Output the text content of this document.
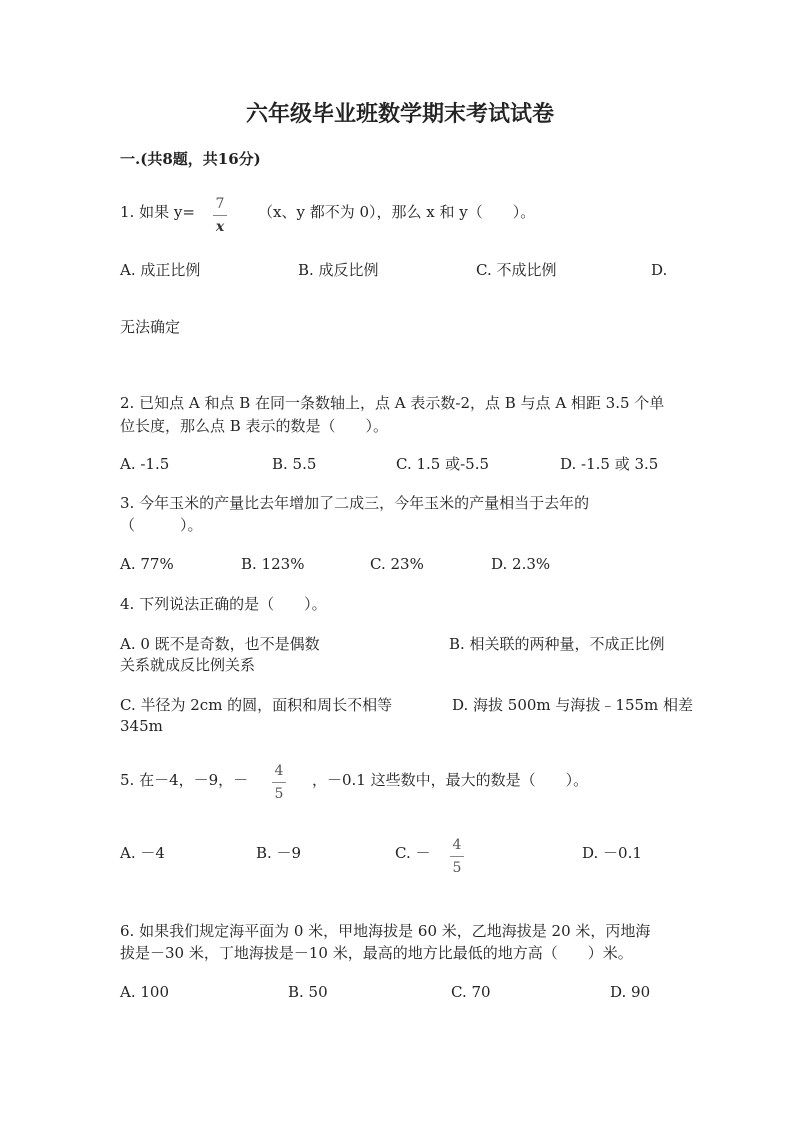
六年级毕业班数学期末考试试卷
一.(共8题，共16分)
1. 如果 y= 7
x
（x、y 都不为 0），那么 x 和 y（　　）。
A. 成正比例	B. 成反比例	C. 不成比例	D.
无法确定
2. 已知点 A 和点 B 在同一条数轴上，点 A 表示数-2，点 B 与点 A 相距 3.5 个单
位长度，那么点 B 表示的数是（　　）。
A. -1.5	B. 5.5	C. 1.5 或-5.5	D. -1.5 或 3.5
3. 今年玉米的产量比去年增加了二成三，今年玉米的产量相当于去年的
（　　　）。
A. 77%	B. 123%	C. 23%	D. 2.3%
4. 下列说法正确的是（　　）。
A. 0 既不是奇数，也不是偶数	B. 相关联的两种量，不成正比例
关系就成反比例关系
C. 半径为 2cm 的圆，面积和周长不相等	D. 海拔 500m 与海拔﹣155m 相差
345m
5. 在－4，－9，－ 4
5
，－0.1 这些数中，最大的数是（　　）。
A. －4	B. －9	C. － 4
5
D. －0.1
6. 如果我们规定海平面为 0 米，甲地海拔是 60 米，乙地海拔是 20 米，丙地海
拔是－30 米，丁地海拔是－10 米，最高的地方比最低的地方高（　　）米。
A. 100	B. 50	C. 70	D. 90
